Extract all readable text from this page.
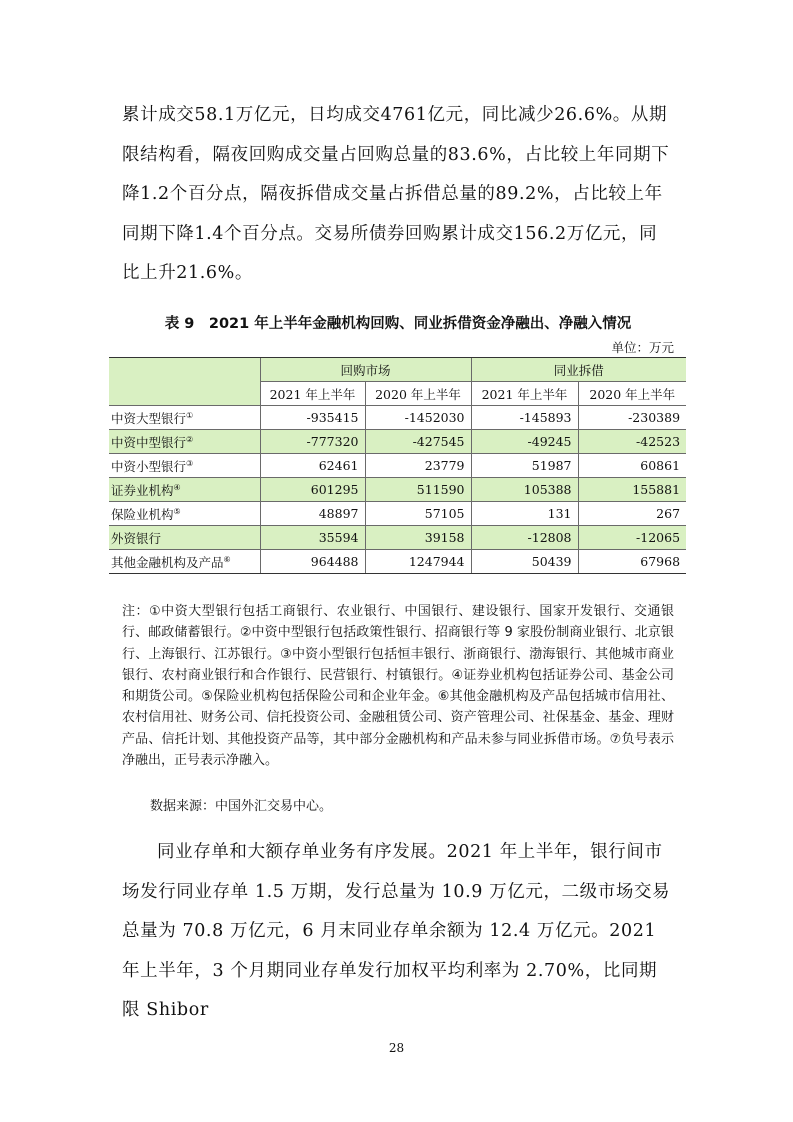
累计成交58.1万亿元，日均成交4761亿元，同比减少26.6%。从期限结构看，隔夜回购成交量占回购总量的83.6%，占比较上年同期下降1.2个百分点，隔夜拆借成交量占拆借总量的89.2%，占比较上年同期下降1.4个百分点。交易所债券回购累计成交156.2万亿元，同比上升21.6%。

表 9　2021 年上半年金融机构回购、同业拆借资金净融出、净融入情况

单位：万元

	回购市场		同业拆借	
	2021 年上半年	2020 年上半年	2021 年上半年	2020 年上半年
中资大型银行①	-935415	-1452030	-145893	-230389
中资中型银行②	-777320	-427545	-49245	-42523
中资小型银行③	62461	23779	51987	60861
证券业机构④	601295	511590	105388	155881
保险业机构⑤	48897	57105	131	267
外资银行	35594	39158	-12808	-12065
其他金融机构及产品⑥	964488	1247944	50439	67968

注：①中资大型银行包括工商银行、农业银行、中国银行、建设银行、国家开发银行、交通银行、邮政储蓄银行。②中资中型银行包括政策性银行、招商银行等 9 家股份制商业银行、北京银行、上海银行、江苏银行。③中资小型银行包括恒丰银行、浙商银行、渤海银行、其他城市商业银行、农村商业银行和合作银行、民营银行、村镇银行。④证券业机构包括证券公司、基金公司和期货公司。⑤保险业机构包括保险公司和企业年金。⑥其他金融机构及产品包括城市信用社、农村信用社、财务公司、信托投资公司、金融租赁公司、资产管理公司、社保基金、基金、理财产品、信托计划、其他投资产品等，其中部分金融机构和产品未参与同业拆借市场。⑦负号表示净融出，正号表示净融入。

数据来源：中国外汇交易中心。

同业存单和大额存单业务有序发展。2021 年上半年，银行间市场发行同业存单 1.5 万期，发行总量为 10.9 万亿元，二级市场交易总量为 70.8 万亿元，6 月末同业存单余额为 12.4 万亿元。2021 年上半年，3 个月期同业存单发行加权平均利率为 2.70%，比同期限 Shibor

28
